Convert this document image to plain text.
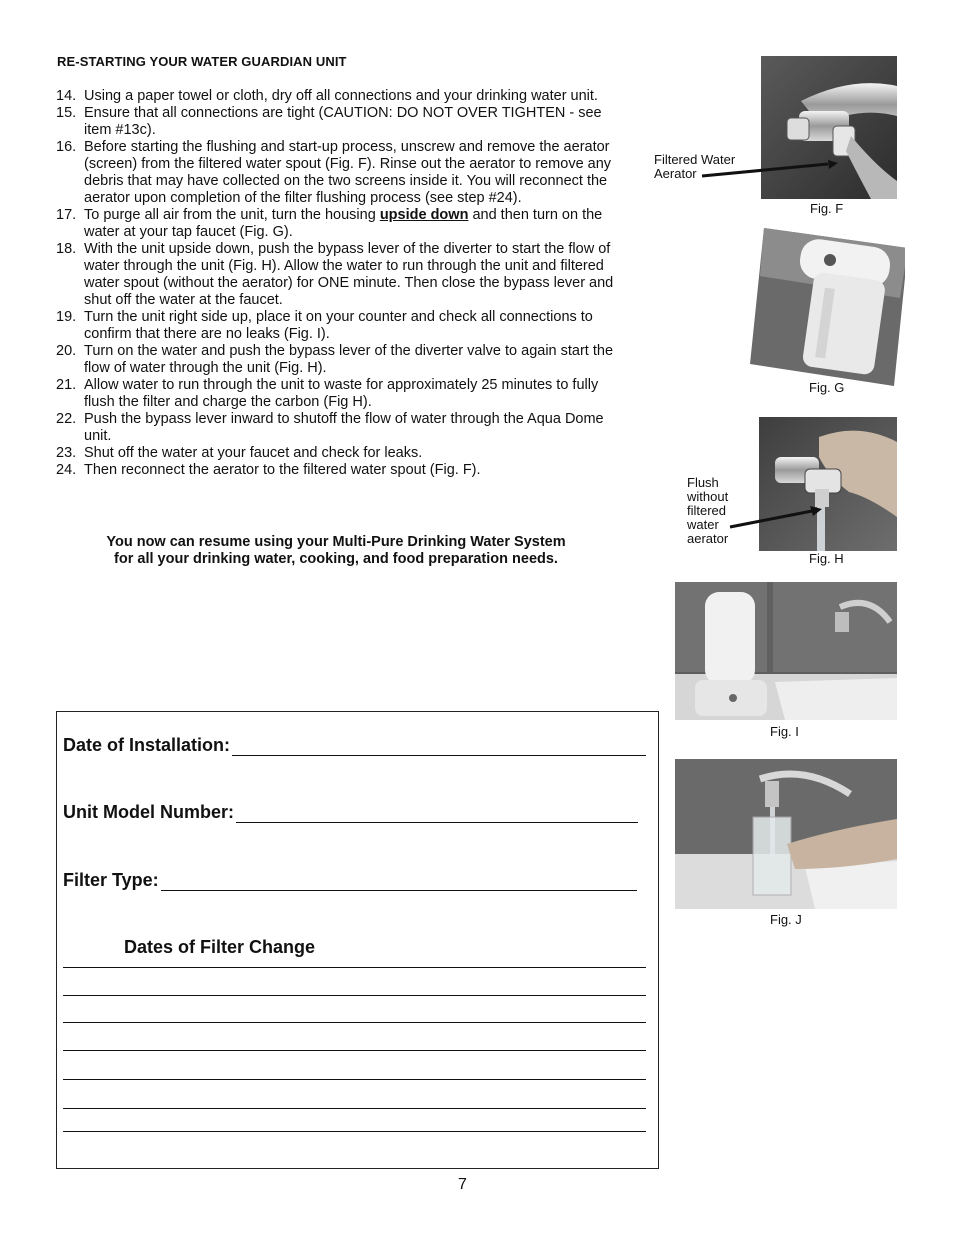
RE-STARTING YOUR WATER GUARDIAN UNIT
14. Using a paper towel or cloth, dry off all connections and your drinking water unit.
15. Ensure that all connections are tight (CAUTION: DO NOT OVER TIGHTEN - see item #13c).
16. Before starting the flushing and start-up process, unscrew and remove the aerator (screen) from the filtered water spout (Fig. F). Rinse out the aerator to remove any debris that may have collected on the two screens inside it. You will reconnect the aerator upon completion of the filter flushing process (see step #24).
17. To purge all air from the unit, turn the housing upside down and then turn on the water at your tap faucet (Fig. G).
18. With the unit upside down, push the bypass lever of the diverter to start the flow of water through the unit (Fig. H). Allow the water to run through the unit and filtered water spout (without the aerator) for ONE minute. Then close the bypass lever and shut off the water at the faucet.
19. Turn the unit right side up, place it on your counter and check all connections to confirm that there are no leaks (Fig. I).
20. Turn on the water and push the bypass lever of the diverter valve to again start the flow of water through the unit (Fig. H).
21. Allow water to run through the unit to waste for approximately 25 minutes to fully flush the filter and charge the carbon (Fig H).
22. Push the bypass lever inward to shutoff the flow of water through the Aqua Dome unit.
23. Shut off the water at your faucet and check for leaks.
24. Then reconnect the aerator to the filtered water spout (Fig. F).
You now can resume using your Multi-Pure Drinking Water System
for all your drinking water, cooking, and food preparation needs.
Filtered Water
Aerator
Fig. F
Fig. G
Flush
without
filtered
water
aerator
Fig. H
Fig. I
Fig. J
Date of Installation:
Unit Model Number:
Filter Type:
Dates of Filter Change
7
